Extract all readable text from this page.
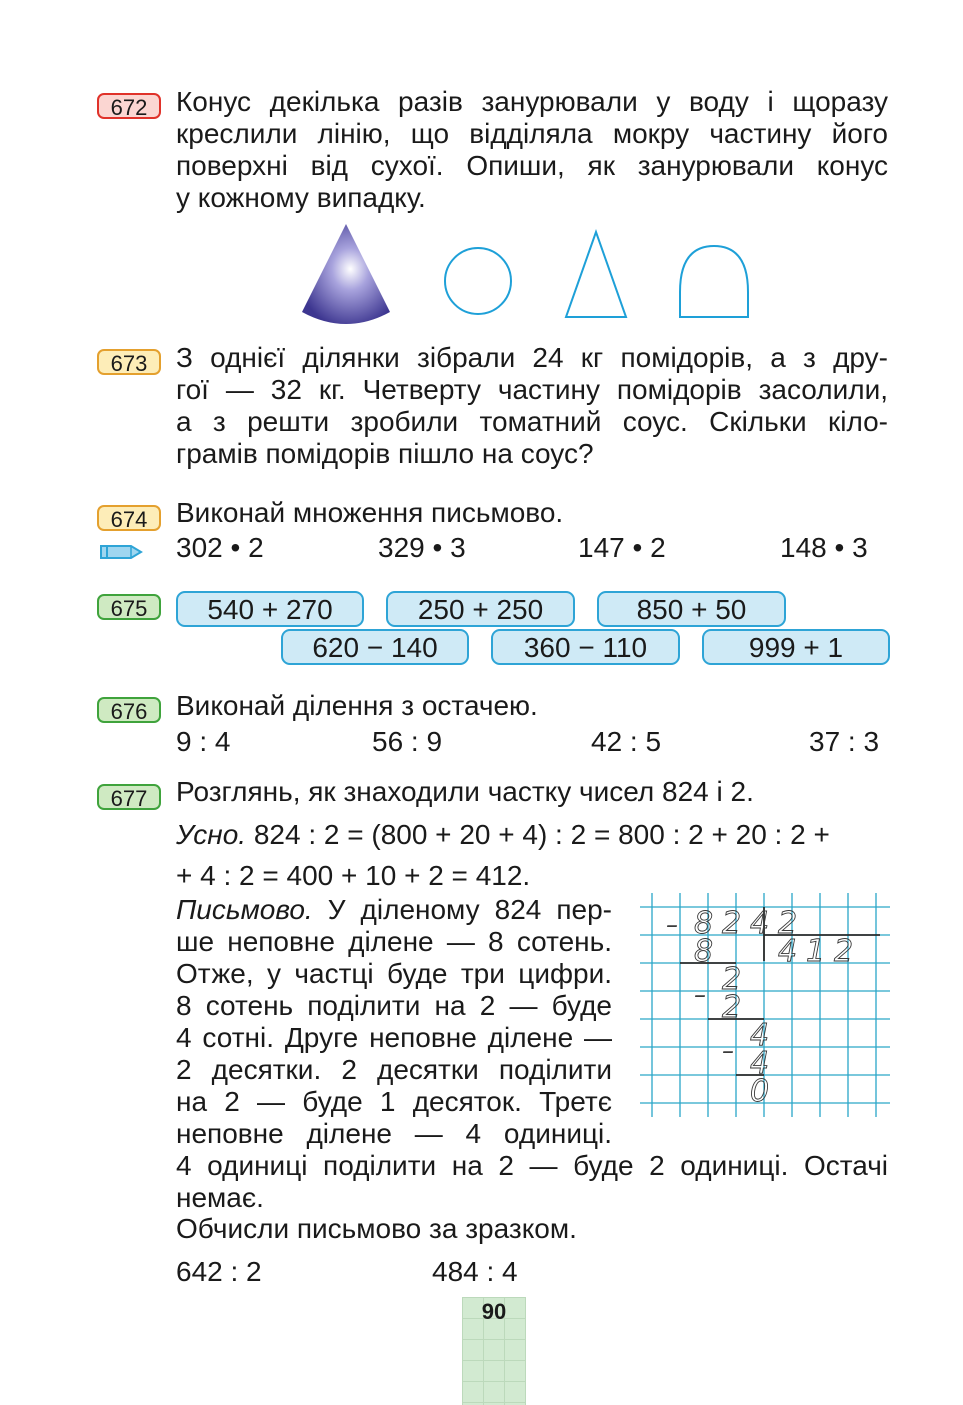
672	Конус декілька разів занурювали у воду і щоразу
креслили лінію, що відділяла мокру частину його
поверхні від сухої. Опиши, як занурювали конус
у кожному випадку.
673	З однієї ділянки зібрали 24 кг помідорів, а з дру-
гої — 32 кг. Четверту частину помідорів засолили,
а з решти зробили томатний соус. Скільки кіло-
грамів помідорів пішло на соус?
674	Виконай множення письмово.
302 • 2	329 • 3	147 • 2	148 • 3
675	540 + 270	250 + 250	850 + 50
620 − 140	360 − 110	999 + 1
676	Виконай ділення з остачею.
9 : 4	56 : 9	42 : 5	37 : 3
677	Розглянь, як знаходили частку чисел 824 і 2.
Усно. 824 : 2 = (800 + 20 + 4) : 2 = 800 : 2 + 20 : 2 +
+ 4 : 2 = 400 + 10 + 2 = 412.
Письмово. У діленому 824 пер-
ше неповне ділене — 8 сотень.
Отже, у частці буде три цифри.
8 сотень поділити на 2 — буде
4 сотні. Друге неповне ділене —
2 десятки. 2 десятки поділити
на 2 — буде 1 десяток. Третє
неповне ділене — 4 одиниці.
4 одиниці поділити на 2 — буде 2 одиниці. Остачі
немає.
Обчисли письмово за зразком.
642 : 2	484 : 4
– 8 2 4 2
4 1 2
8
2
– 2
4
– 4
0
90
